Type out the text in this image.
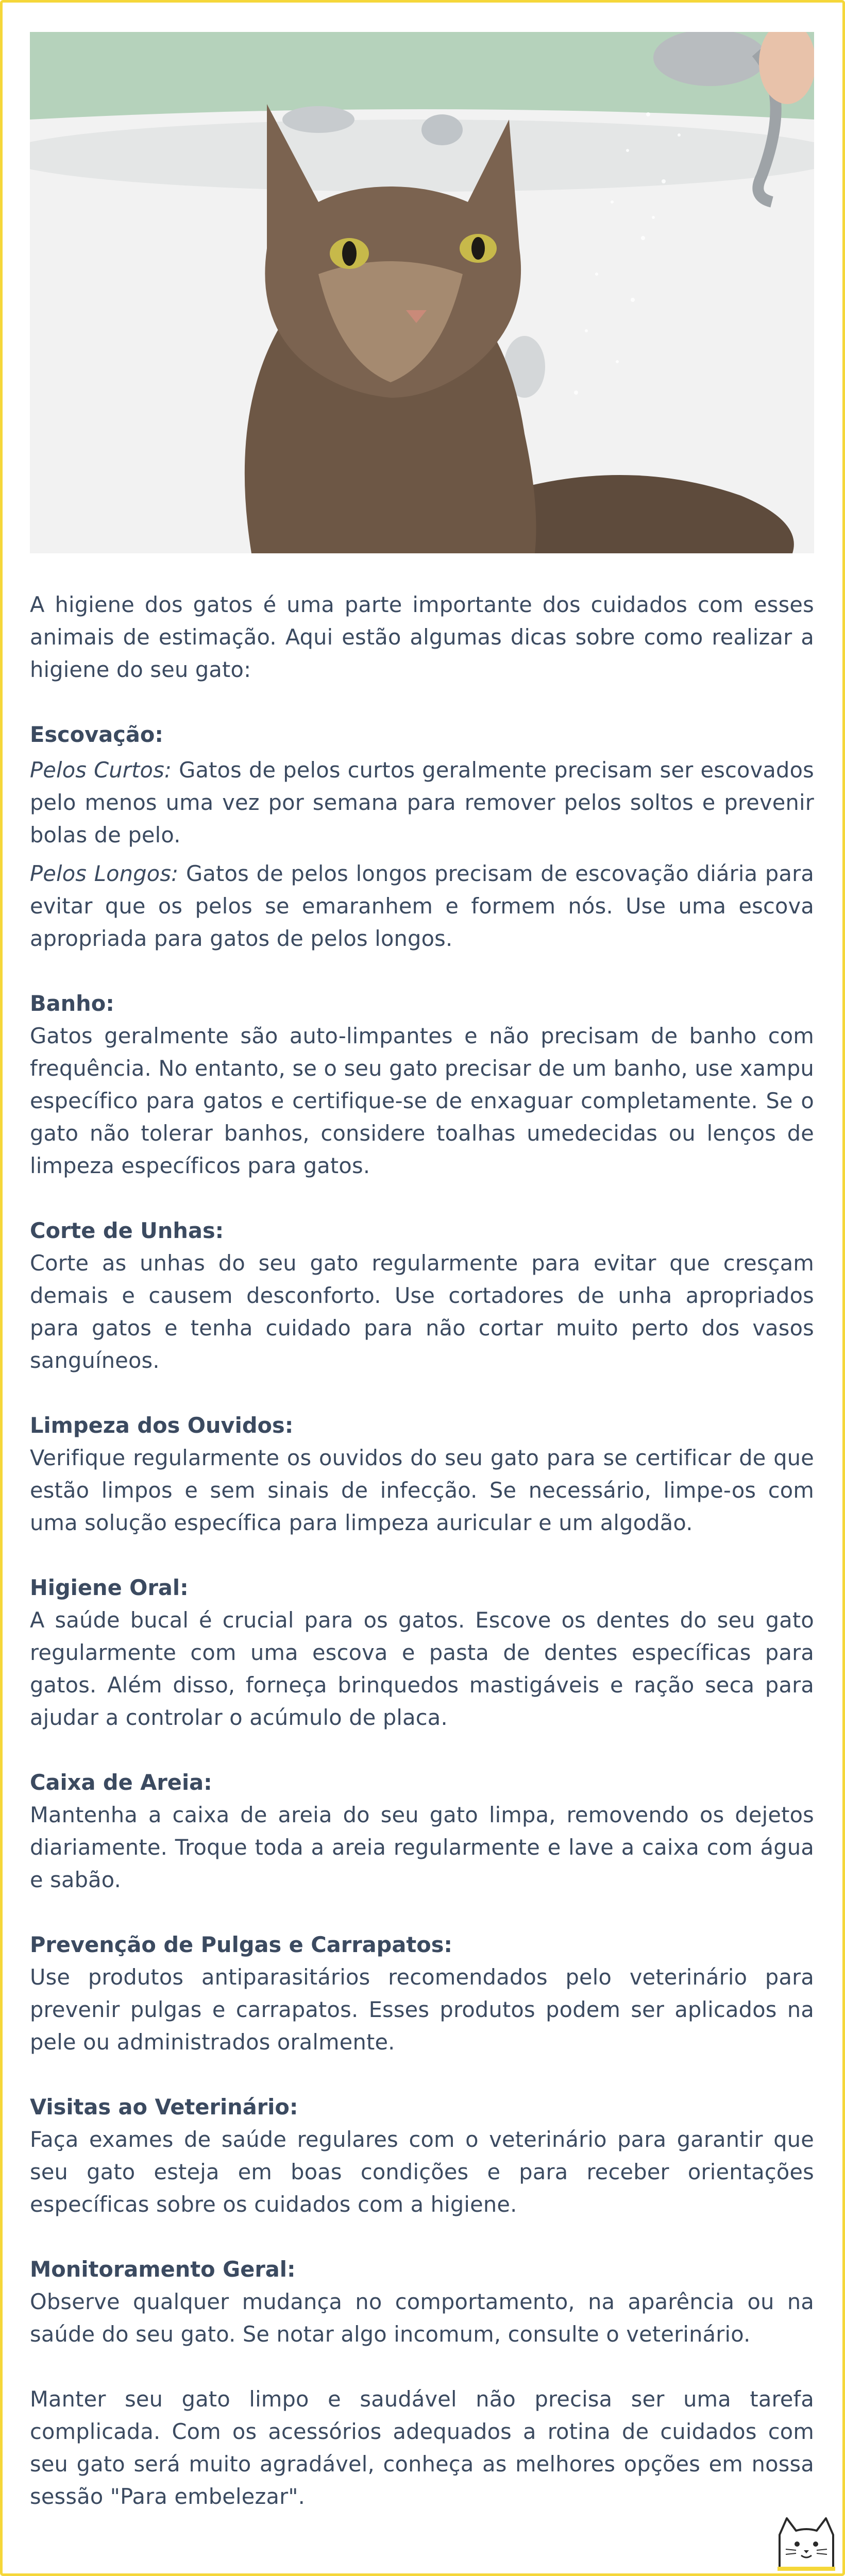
A higiene dos gatos é uma parte importante dos cuidados com esses animais de estimação. Aqui estão algumas dicas sobre como realizar a higiene do seu gato:

Escovação:

Pelos Curtos: Gatos de pelos curtos geralmente precisam ser escovados pelo menos uma vez por semana para remover pelos soltos e prevenir bolas de pelo.

Pelos Longos: Gatos de pelos longos precisam de escovação diária para evitar que os pelos se emaranhem e formem nós. Use uma escova apropriada para gatos de pelos longos.

Banho:

Gatos geralmente são auto-limpantes e não precisam de banho com frequência. No entanto, se o seu gato precisar de um banho, use xampu específico para gatos e certifique-se de enxaguar completamente. Se o gato não tolerar banhos, considere toalhas umedecidas ou lenços de limpeza específicos para gatos.

Corte de Unhas:

Corte as unhas do seu gato regularmente para evitar que cresçam demais e causem desconforto. Use cortadores de unha apropriados para gatos e tenha cuidado para não cortar muito perto dos vasos sanguíneos.

Limpeza dos Ouvidos:

Verifique regularmente os ouvidos do seu gato para se certificar de que estão limpos e sem sinais de infecção. Se necessário, limpe-os com uma solução específica para limpeza auricular e um algodão.

Higiene Oral:

A saúde bucal é crucial para os gatos. Escove os dentes do seu gato regularmente com uma escova e pasta de dentes específicas para gatos. Além disso, forneça brinquedos mastigáveis e ração seca para ajudar a controlar o acúmulo de placa.

Caixa de Areia:

Mantenha a caixa de areia do seu gato limpa, removendo os dejetos diariamente. Troque toda a areia regularmente e lave a caixa com água e sabão.

Prevenção de Pulgas e Carrapatos:

Use produtos antiparasitários recomendados pelo veterinário para prevenir pulgas e carrapatos. Esses produtos podem ser aplicados na pele ou administrados oralmente.

Visitas ao Veterinário:

Faça exames de saúde regulares com o veterinário para garantir que seu gato esteja em boas condições e para receber orientações específicas sobre os cuidados com a higiene.

Monitoramento Geral:

Observe qualquer mudança no comportamento, na aparência ou na saúde do seu gato. Se notar algo incomum, consulte o veterinário.

Manter seu gato limpo e saudável não precisa ser uma tarefa complicada. Com os acessórios adequados a rotina de cuidados com seu gato será muito agradável, conheça as melhores opções em nossa sessão "Para embelezar".
